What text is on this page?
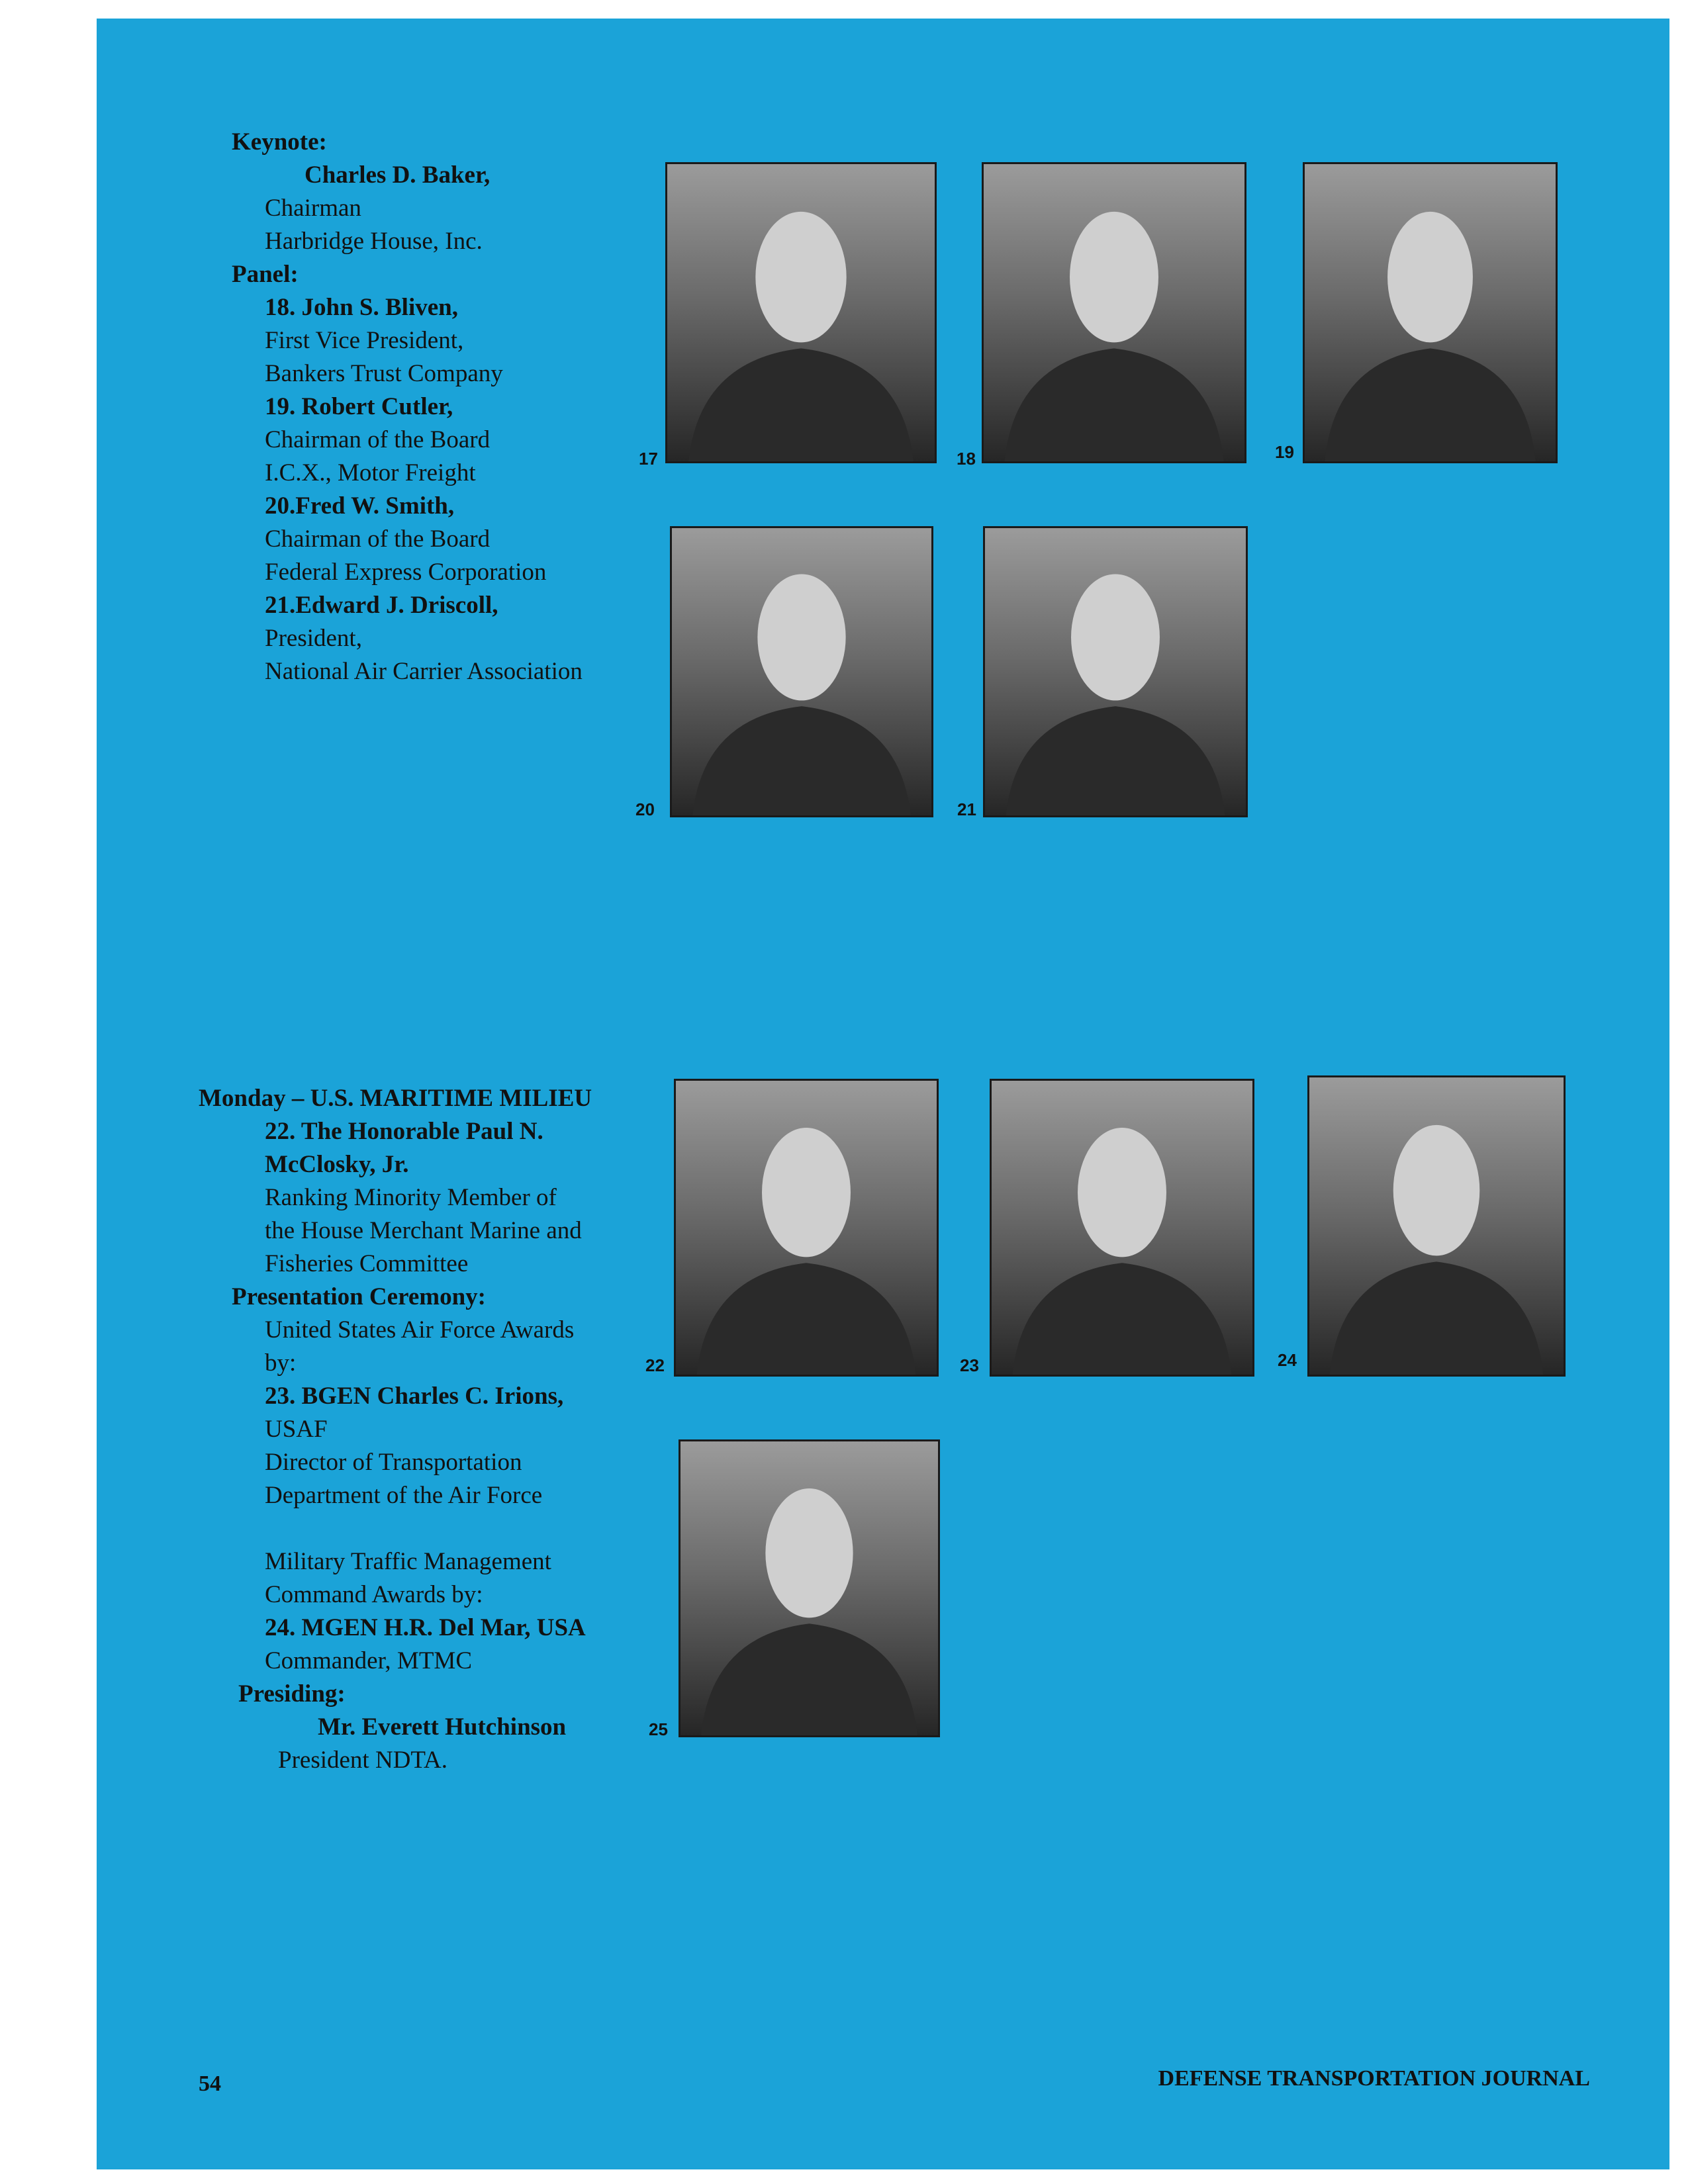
Keynote:
Charles D. Baker,
Chairman
Harbridge House, Inc.
Panel:
18. John S. Bliven,
First Vice President,
Bankers Trust Company
19. Robert Cutler,
Chairman of the Board
I.C.X., Motor Freight
20.Fred W. Smith,
Chairman of the Board
Federal Express Corporation
21.Edward J. Driscoll,
President,
National Air Carrier Association
Monday – U.S. MARITIME MILIEU
22. The Honorable Paul N.
McClosky, Jr.
Ranking Minority Member of
the House Merchant Marine and
Fisheries Committee
Presentation Ceremony:
United States Air Force Awards
by:
23. BGEN Charles C. Irions,
USAF
Director of Transportation
Department of the Air Force

Military Traffic Management
Command Awards by:
24. MGEN H.R. Del Mar, USA
Commander, MTMC
Presiding:
Mr. Everett Hutchinson
President NDTA.
17	18	19
20	21
22	23	24
25
54	DEFENSE TRANSPORTATION JOURNAL
